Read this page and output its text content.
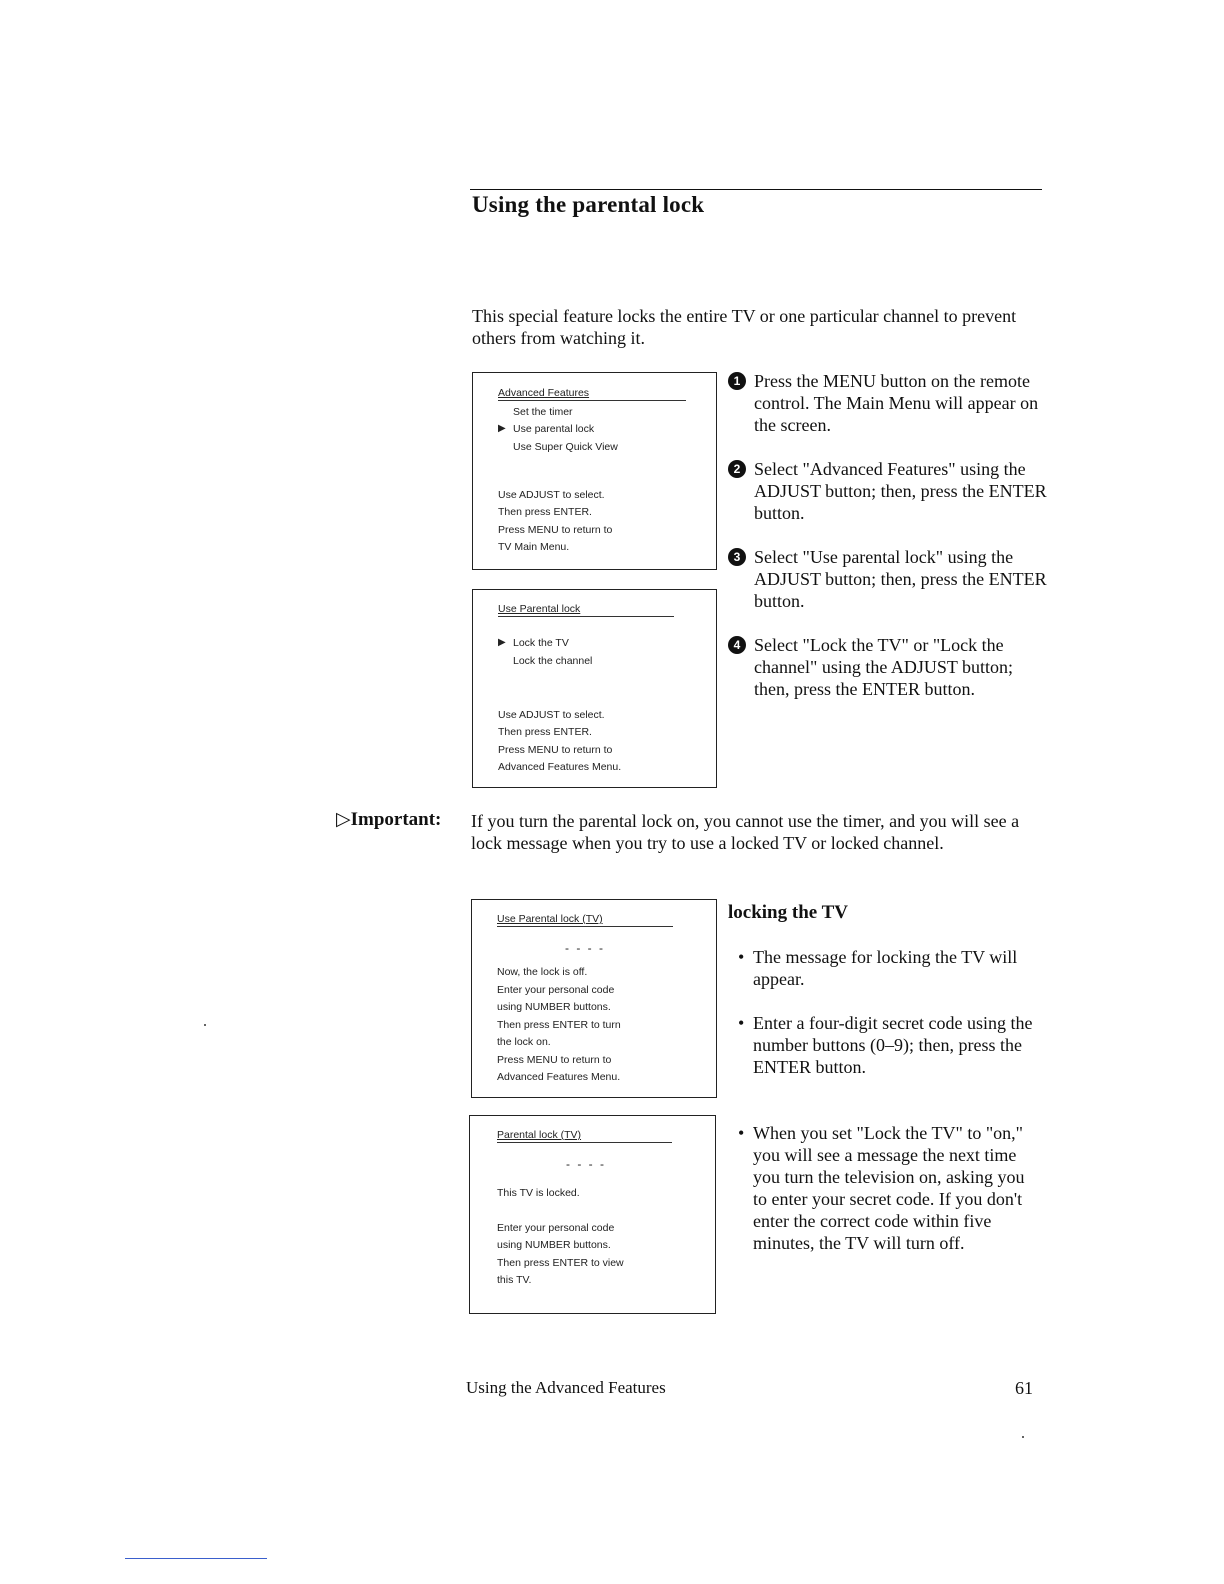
Using the parental lock
This special feature locks the entire TV or one particular channel to prevent others from watching it.
Advanced Features
Set the timer
▶ Use parental lock
Use Super Quick View
Use ADJUST to select.
Then press ENTER.
Press MENU to return to
TV Main Menu.
Use Parental lock
▶ Lock the TV
Lock the channel
Use ADJUST to select.
Then press ENTER.
Press MENU to return to
Advanced Features Menu.
1 Press the MENU button on the remote control. The Main Menu will appear on the screen.
2 Select "Advanced Features" using the ADJUST button; then, press the ENTER button.
3 Select "Use parental lock" using the ADJUST button; then, press the ENTER button.
4 Select "Lock the TV" or "Lock the channel" using the ADJUST button; then, press the ENTER button.
▷Important: If you turn the parental lock on, you cannot use the timer, and you will see a lock message when you try to use a locked TV or locked channel.
Use Parental lock (TV)
- - - -
Now, the lock is off.
Enter your personal code
using NUMBER buttons.
Then press ENTER to turn
the lock on.
Press MENU to return to
Advanced Features Menu.
Parental lock (TV)
- - - -
This TV is locked.
Enter your personal code
using NUMBER buttons.
Then press ENTER to view
this TV.
locking the TV
• The message for locking the TV will appear.
• Enter a four-digit secret code using the number buttons (0–9); then, press the ENTER button.
• When you set "Lock the TV" to "on," you will see a message the next time you turn the television on, asking you to enter your secret code. If you don't enter the correct code within five minutes, the TV will turn off.
Using the Advanced Features	61
